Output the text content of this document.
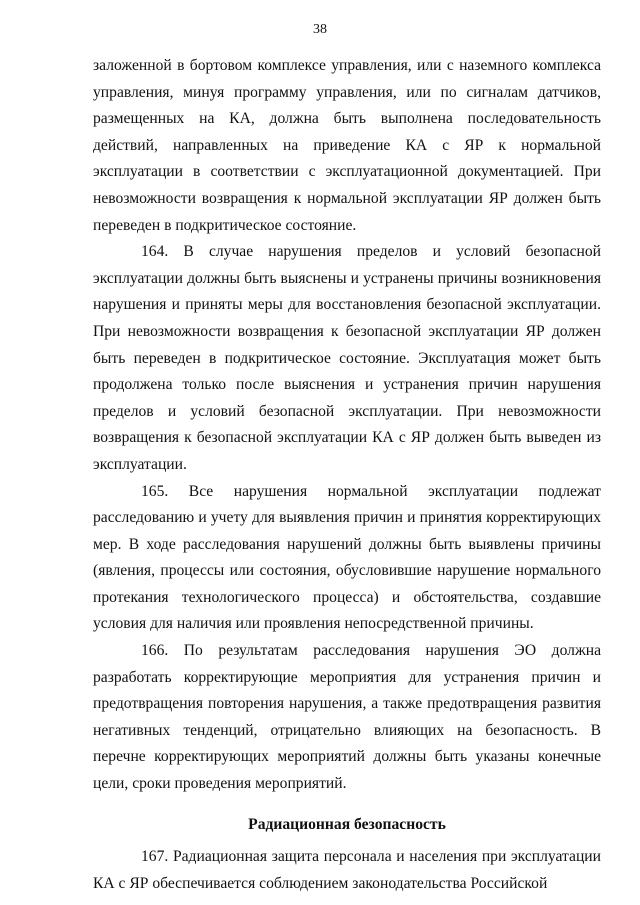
38

заложенной в бортовом комплексе управления, или с наземного комплекса управления, минуя программу управления, или по сигналам датчиков, размещенных на КА, должна быть выполнена последовательность действий, направленных на приведение КА с ЯР к нормальной эксплуатации в соответствии с эксплуатационной документацией. При невозможности возвращения к нормальной эксплуатации ЯР должен быть переведен в подкритическое состояние.

164. В случае нарушения пределов и условий безопасной эксплуатации должны быть выяснены и устранены причины возникновения нарушения и приняты меры для восстановления безопасной эксплуатации. При невозможности возвращения к безопасной эксплуатации ЯР должен быть переведен в подкритическое состояние. Эксплуатация может быть продолжена только после выяснения и устранения причин нарушения пределов и условий безопасной эксплуатации. При невозможности возвращения к безопасной эксплуатации КА с ЯР должен быть выведен из эксплуатации.

165. Все нарушения нормальной эксплуатации подлежат расследованию и учету для выявления причин и принятия корректирующих мер. В ходе расследования нарушений должны быть выявлены причины (явления, процессы или состояния, обусловившие нарушение нормального протекания технологического процесса) и обстоятельства, создавшие условия для наличия или проявления непосредственной причины.

166. По результатам расследования нарушения ЭО должна разработать корректирующие мероприятия для устранения причин и предотвращения повторения нарушения, а также предотвращения развития негативных тенденций, отрицательно влияющих на безопасность. В перечне корректирующих мероприятий должны быть указаны конечные цели, сроки проведения мероприятий.

Радиационная безопасность

167. Радиационная защита персонала и населения при эксплуатации КА с ЯР обеспечивается соблюдением законодательства Российской
